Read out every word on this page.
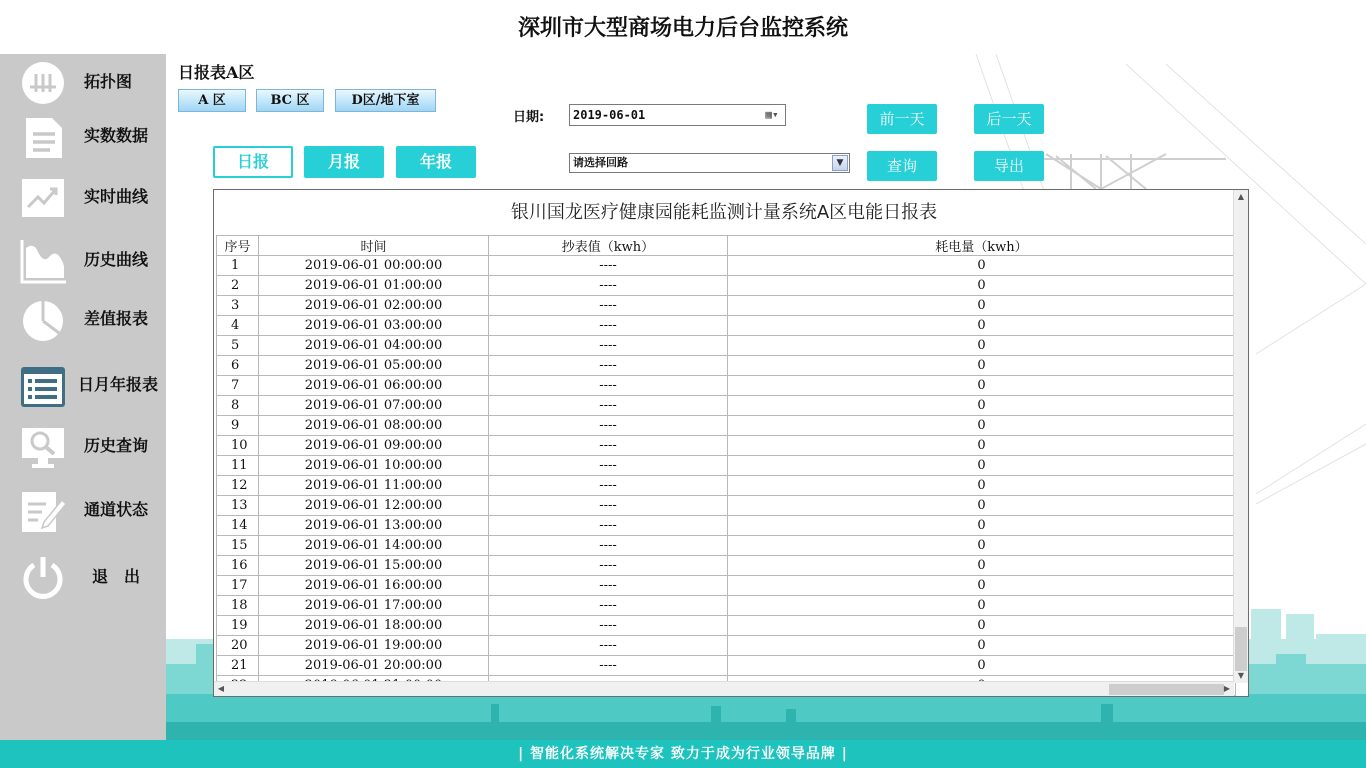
深圳市大型商场电力后台监控系统
拓扑图
实数数据
实时曲线
历史曲线
差值报表
日月年报表
历史查询
通道状态
退　出
日报表A区
A 区	BC 区	D区/地下室
日期:	2019-06-01	▦▾
请选择回路	▼
前一天	后一天
查询	导出
日报	月报	年报
银川国龙医疗健康园能耗监测计量系统A区电能日报表
序号	时间	抄表值（kwh）	耗电量（kwh）
1	2019-06-01 00:00:00	----	0
2	2019-06-01 01:00:00	----	0
3	2019-06-01 02:00:00	----	0
4	2019-06-01 03:00:00	----	0
5	2019-06-01 04:00:00	----	0
6	2019-06-01 05:00:00	----	0
7	2019-06-01 06:00:00	----	0
8	2019-06-01 07:00:00	----	0
9	2019-06-01 08:00:00	----	0
10	2019-06-01 09:00:00	----	0
11	2019-06-01 10:00:00	----	0
12	2019-06-01 11:00:00	----	0
13	2019-06-01 12:00:00	----	0
14	2019-06-01 13:00:00	----	0
15	2019-06-01 14:00:00	----	0
16	2019-06-01 15:00:00	----	0
17	2019-06-01 16:00:00	----	0
18	2019-06-01 17:00:00	----	0
19	2019-06-01 18:00:00	----	0
20	2019-06-01 19:00:00	----	0
21	2019-06-01 20:00:00	----	0

▲
▼
◀	▶
| 智能化系统解决专家 致力于成为行业领导品牌 |
